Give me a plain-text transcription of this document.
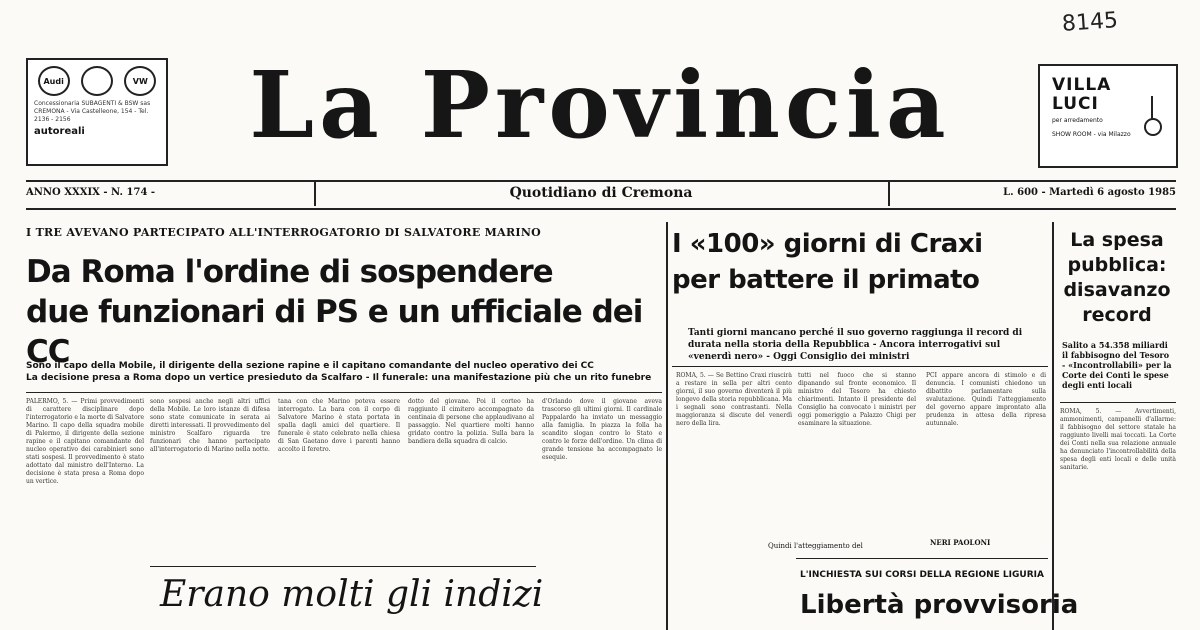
La Provincia
8145
Audi	VW
Concessionaria SUBAGENTI & BSW sas CREMONA - Via Castelleone, 154 - Tel. 2136 - 2156
autoreali
VILLA
LUCI
per arredamento
SHOW ROOM - via Milazzo
ANNO XXXIX - N. 174 -	Quotidiano di Cremona	L. 600 - Martedì 6 agosto 1985
I TRE AVEVANO PARTECIPATO ALL'INTERROGATORIO DI SALVATORE MARINO
Da Roma l'ordine di sospendere
due funzionari di PS e un ufficiale dei CC
Sono il capo della Mobile, il dirigente della sezione rapine e il capitano comandante del nucleo operativo dei CC
La decisione presa a Roma dopo un vertice presieduto da Scalfaro - Il funerale: una manifestazione più che un rito funebre
PALERMO, 5. — Primi provvedimenti di carattere disciplinare dopo l'interrogatorio e la morte di Salvatore Marino. Il capo della squadra mobile di Palermo, il dirigente della sezione rapine e il capitano comandante del nucleo operativo dei carabinieri sono stati sospesi. Il provvedimento è stato adottato dal ministro dell'Interno. La decisione è stata presa a Roma dopo un vertice.
sono sospesi anche negli altri uffici della Mobile. Le loro istanze di difesa sono state comunicate in serata ai diretti interessati. Il provvedimento del ministro Scalfaro riguarda tre funzionari che hanno partecipato all'interrogatorio di Marino nella notte.
tana con che Marino poteva essere interrogato. La bara con il corpo di Salvatore Marino è stata portata in spalla dagli amici del quartiere. Il funerale è stato celebrato nella chiesa di San Gaetano dove i parenti hanno accolto il feretro.
dotto del giovane. Poi il corteo ha raggiunto il cimitero accompagnato da centinaia di persone che applaudivano al passaggio. Nel quartiere molti hanno gridato contro la polizia. Sulla bara la bandiera della squadra di calcio.
d'Orlando dove il giovane aveva trascorso gli ultimi giorni. Il cardinale Pappalardo ha inviato un messaggio alla famiglia. In piazza la folla ha scandito slogan contro lo Stato e contro le forze dell'ordine. Un clima di grande tensione ha accompagnato le esequie.
Erano molti gli indizi
I «100» giorni di Craxi
per battere il primato
Tanti giorni mancano perché il suo governo raggiunga il record di durata nella storia della Repubblica - Ancora interrogativi sul «venerdì nero» - Oggi Consiglio dei ministri
ROMA, 5. — Se Bettino Craxi riuscirà a restare in sella per altri cento giorni, il suo governo diventerà il più longevo della storia repubblicana. Ma i segnali sono contrastanti. Nella maggioranza si discute del venerdì nero della lira.
tutti nel fuoco che si stanno dipanando sul fronte economico. Il ministro del Tesoro ha chiesto chiarimenti. Intanto il presidente del Consiglio ha convocato i ministri per oggi pomeriggio a Palazzo Chigi per esaminare la situazione.
PCI appare ancora di stimolo e di denuncia. I comunisti chiedono un dibattito parlamentare sulla svalutazione. Quindi l'atteggiamento del governo appare improntato alla prudenza in attesa della ripresa autunnale.
Quindi l'atteggiamento del	NERI PAOLONI
L'INCHIESTA SUI CORSI DELLA REGIONE LIGURIA
Libertà provvisoria
La spesa pubblica: disavanzo record
Salito a 54.358 miliardi il fabbisogno del Tesoro - «Incontrollabili» per la Corte dei Conti le spese degli enti locali
ROMA, 5. — Avvertimenti, ammonimenti, campanelli d'allarme: il fabbisogno del settore statale ha raggiunto livelli mai toccati. La Corte dei Conti nella sua relazione annuale ha denunciato l'incontrollabilità della spesa degli enti locali e delle unità sanitarie.
